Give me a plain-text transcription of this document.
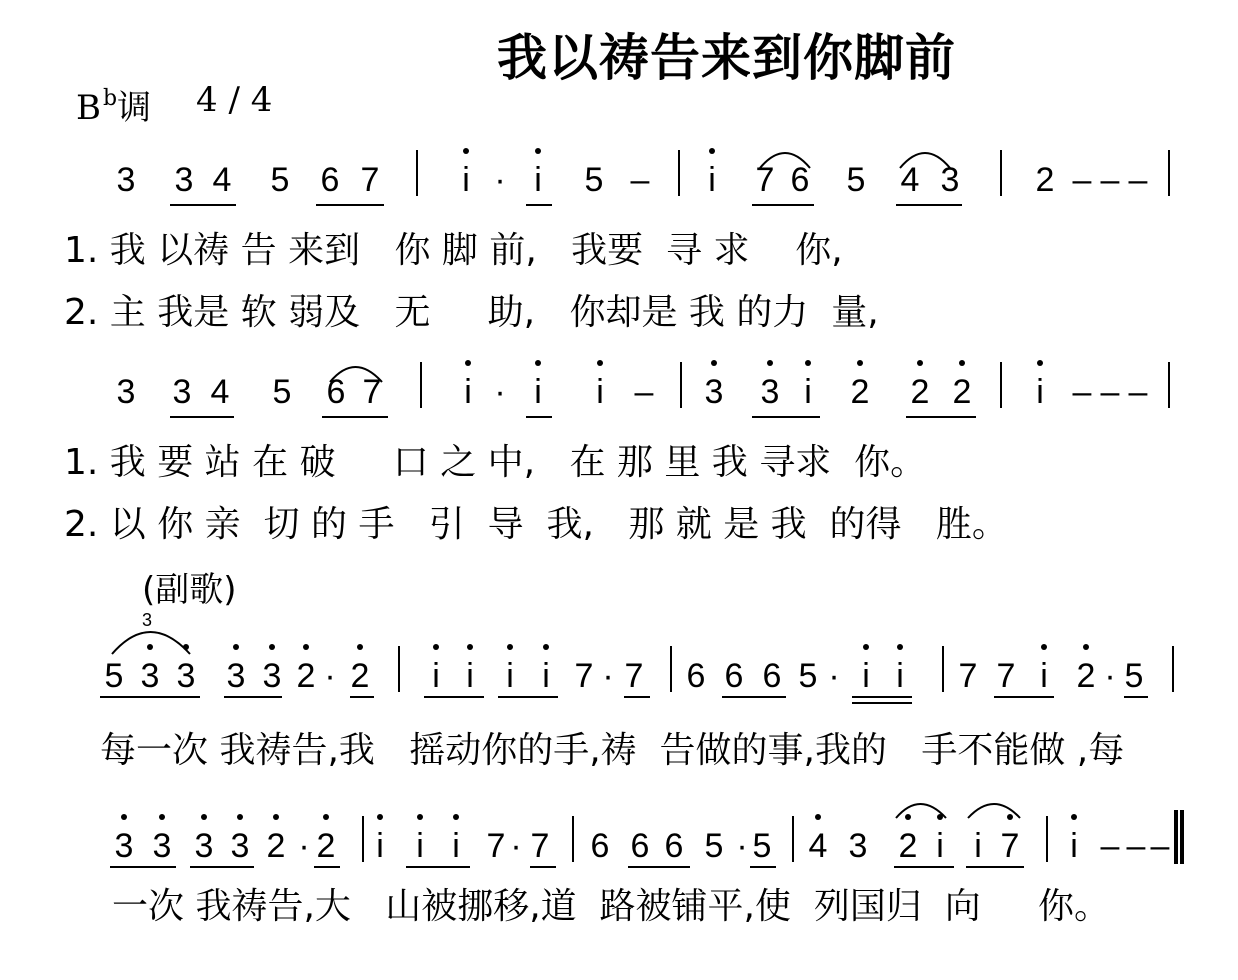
我以祷告来到你脚前
$B^b$调 4 / 4
3 3 4 5 6 7	i · i	5 –	i	7 6 5 4 3 2 – – –
3 3 4 5 6 7	i · i	i – 3 3 i	2 2 2	i – – –
5 3 3 3 3 2 · 2	i i i i 7 · 7 6 6 6 5 · i i	7 7 i 2 · 5
3 3 3 3 2 · 2	i i i 7 · 7 6 6 6 5 · 5 4 3 2 i i 7	i – – –
1. 我 以祷 告 来到   你 脚 前,   我要  寻 求    你,
2. 主 我是 软 弱及   无     助,   你却是 我 的力  量,
1. 我 要 站 在 破     口 之 中,   在 那 里 我 寻求  你。
2. 以 你 亲  切 的 手   引  导  我,   那 就 是 我  的得   胜。
(副歌)
每一次 我祷告,我   摇动你的手,祷  告做的事,我的   手不能做 ,每
一次 我祷告,大   山被挪移,道  路被铺平,使  列国归  向     你。
3
